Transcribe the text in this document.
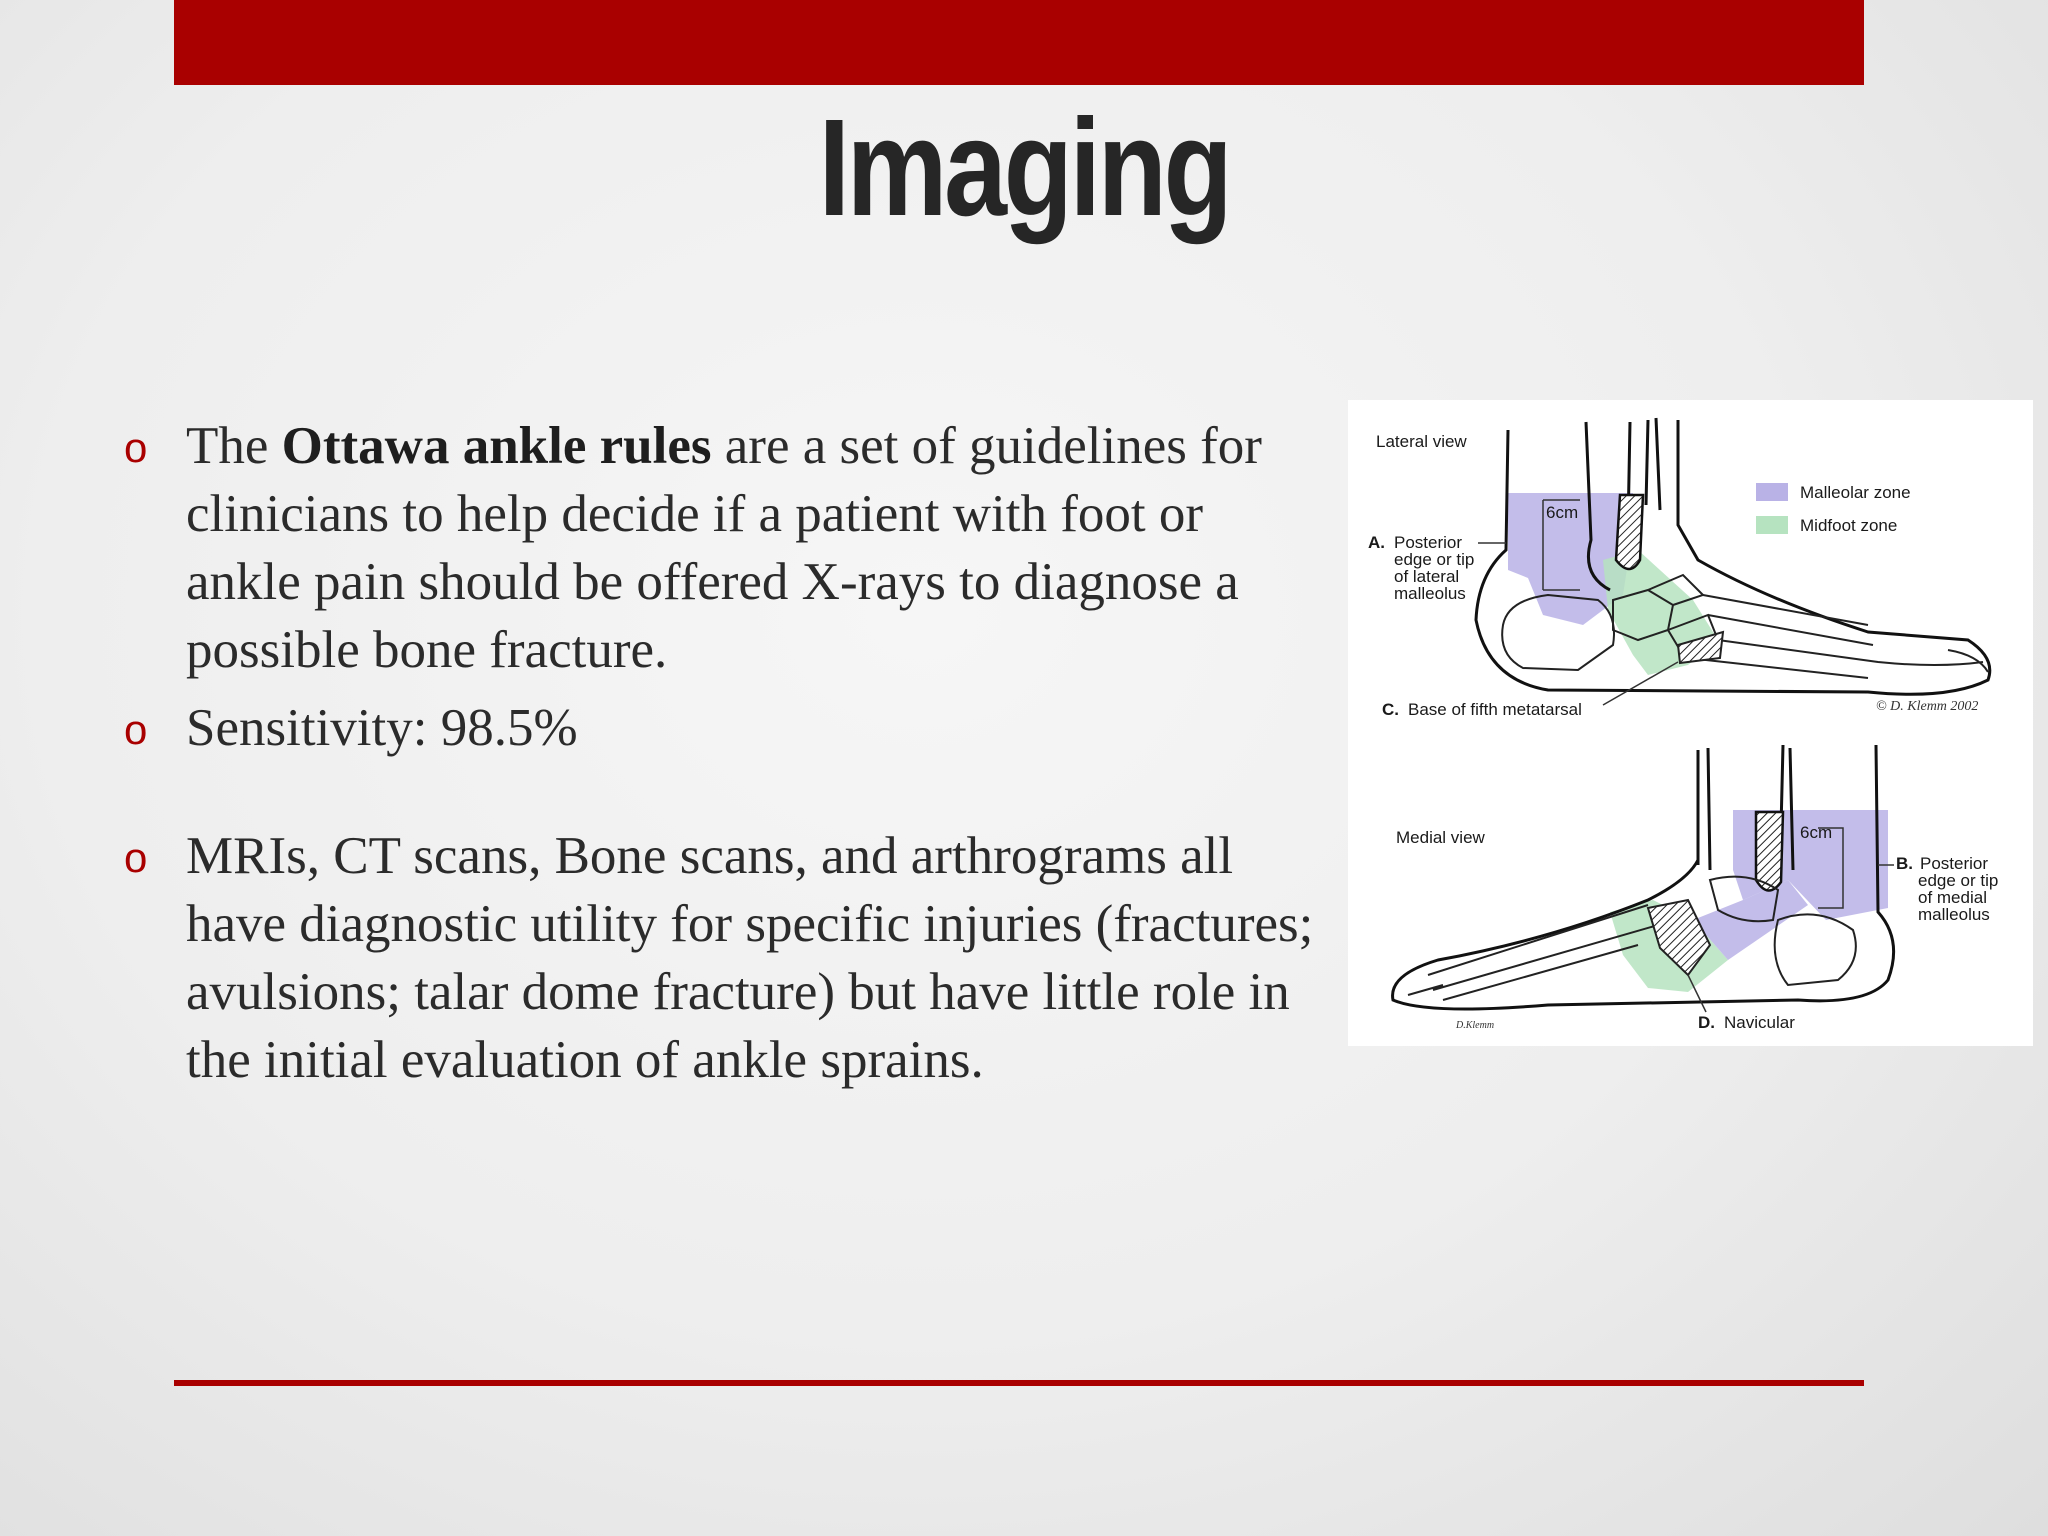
Imaging
o The Ottawa ankle rules are a set of guidelines for clinicians to help decide if a patient with foot or ankle pain should be offered X-rays to diagnose a possible bone fracture.
o Sensitivity: 98.5%
o MRIs, CT scans, Bone scans, and arthrograms all have diagnostic utility for specific injuries (fractures; avulsions; talar dome fracture) but have little role in the initial evaluation of ankle sprains.
6cm
Lateral view
Malleolar zone
Midfoot zone
A. Posterior
edge or tip
of lateral
malleolus
C. Base of fifth metatarsal	© D. Klemm 2002
6cm
Medial view
B. Posterior
edge or tip
of medial
malleolus
D. Navicular
D.Klemm
